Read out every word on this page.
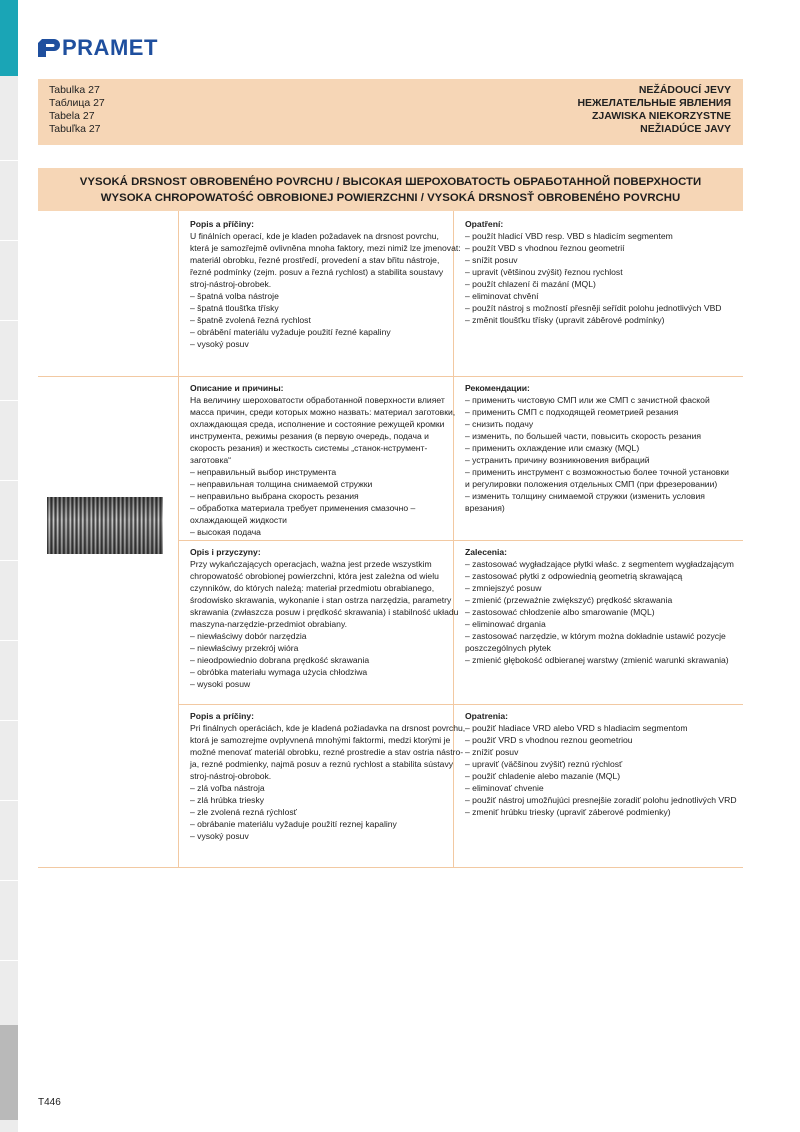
PRAMET
Tabulka 27
Таблица 27
Tabela 27
Tabuľka 27
NEŽÁDOUCÍ JEVY
НЕЖЕЛАТЕЛЬНЫЕ ЯВЛЕНИЯ
ZJAWISKA NIEKORZYSTNE
NEŽIADÚCE JAVY
VYSOKÁ DRSNOST OBROBENÉHO POVRCHU / ВЫСОКАЯ ШЕРОХОВАТОСТЬ ОБРАБОТАННОЙ ПОВЕРХНОСТИ
WYSOKA CHROPOWATOŚĆ OBROBIONEJ POWIERZCHNI / VYSOKÁ DRSNOSŤ OBROBENÉHO POVRCHU
Popis a příčiny:
U finálních operací, kde je kladen požadavek na drsnost povrchu,
která je samozřejmě ovlivněna mnoha faktory, mezi nimiž lze jmenovat:
materiál obrobku, řezné prostředí, provedení a stav břitu nástroje,
řezné podmínky (zejm. posuv a řezná rychlost) a stabilita soustavy
stroj-nástroj-obrobek.
– špatná volba nástroje
– špatná tloušťka třísky
– špatně zvolená řezná rychlost
– obrábění materiálu vyžaduje použití řezné kapaliny
– vysoký posuv
Opatření:
– použít hladicí VBD resp. VBD s hladicím segmentem
– použít VBD s vhodnou řeznou geometrií
– snížit posuv
– upravit (většinou zvýšit) řeznou rychlost
– použít chlazení či mazání (MQL)
– eliminovat chvění
– použít nástroj s možností přesněji seřídit polohu jednotlivých VBD
– změnit tloušťku třísky (upravit záběrové podmínky)
Описание и причины:
На величину шероховатости обработанной поверхности влияет
масса причин, среди которых можно назвать: материал заготовки,
охлаждающая среда, исполнение и состояние режущей кромки
инструмента, режимы резания (в первую очередь, подача и
скорость резания) и жесткость системы „станок-нструмент-
заготовка“
– неправильный выбор инструмента
– неправильная толщина снимаемой стружки
– неправильно выбрана скорость резания
– обработка материала требует применения смазочно –
охлаждающей жидкости
– высокая подача
Рекомендации:
– применить чистовую СМП или же СМП с зачистной фаской
– применить СМП с подходящей геометрией резания
– снизить подачу
– изменить, по большей части, повысить скорость резания
– применить охлаждение или смазку (MQL)
– устранить причину возникновения вибраций
– применить инструмент с возможностью более точной установки
и регулировки положения отдельных СМП (при фрезеровании)
– изменить толщину снимаемой стружки (изменить условия
врезания)
Opis i przyczyny:
Przy wykańczających operacjach, ważna jest przede wszystkim
chropowatość obrobionej powierzchni, która jest zależna od wielu
czynników, do których należą: materiał przedmiotu obrabianego,
środowisko skrawania, wykonanie i stan ostrza narzędzia, parametry
skrawania (zwłaszcza posuw i prędkość skrawania) i stabilność układu
maszyna-narzędzie-przedmiot obrabiany.
– niewłaściwy dobór narzędzia
– niewłaściwy przekrój wióra
– nieodpowiednio dobrana prędkość skrawania
– obróbka materiału wymaga użycia chłodziwa
– wysoki posuw
Zalecenia:
– zastosować wygładzające płytki właśc. z segmentem wygładzającym
– zastosować płytki z odpowiednią geometrią skrawającą
– zmniejszyć posuw
– zmienić (przeważnie zwiększyć) prędkość skrawania
– zastosować chłodzenie albo smarowanie (MQL)
– eliminować drgania
– zastosować narzędzie, w którym można dokładnie ustawić pozycje
poszczególnych płytek
– zmienić głębokość odbieranej warstwy (zmienić warunki skrawania)
Popis a príčiny:
Pri finálnych operáciách, kde je kladená požiadavka na drsnost povrchu,
ktorá je samozrejme ovplyvnená mnohými faktormi, medzi ktorými je
možné menovať materiál obrobku, rezné prostredie a stav ostria nástro-
ja, rezné podmienky, najmä posuv a reznú rychlost a stabilita sústavy
stroj-nástroj-obrobok.
– zlá voľba nástroja
– zlá hrúbka triesky
– zle zvolená rezná rýchlosť
– obrábanie materiálu vyžaduje použití reznej kapaliny
– vysoký posuv
Opatrenia:
– použiť hladiace VRD alebo VRD s hladiacim segmentom
– použiť VRD s vhodnou reznou geometriou
– znížiť posuv
– upraviť (väčšinou zvýšiť) reznú rýchlosť
– použiť chladenie alebo mazanie (MQL)
– eliminovať chvenie
– použiť nástroj umožňujúci presnejšie zoradiť polohu jednotlivých VRD
– zmeniť hrúbku triesky (upraviť záberové podmienky)
T446
